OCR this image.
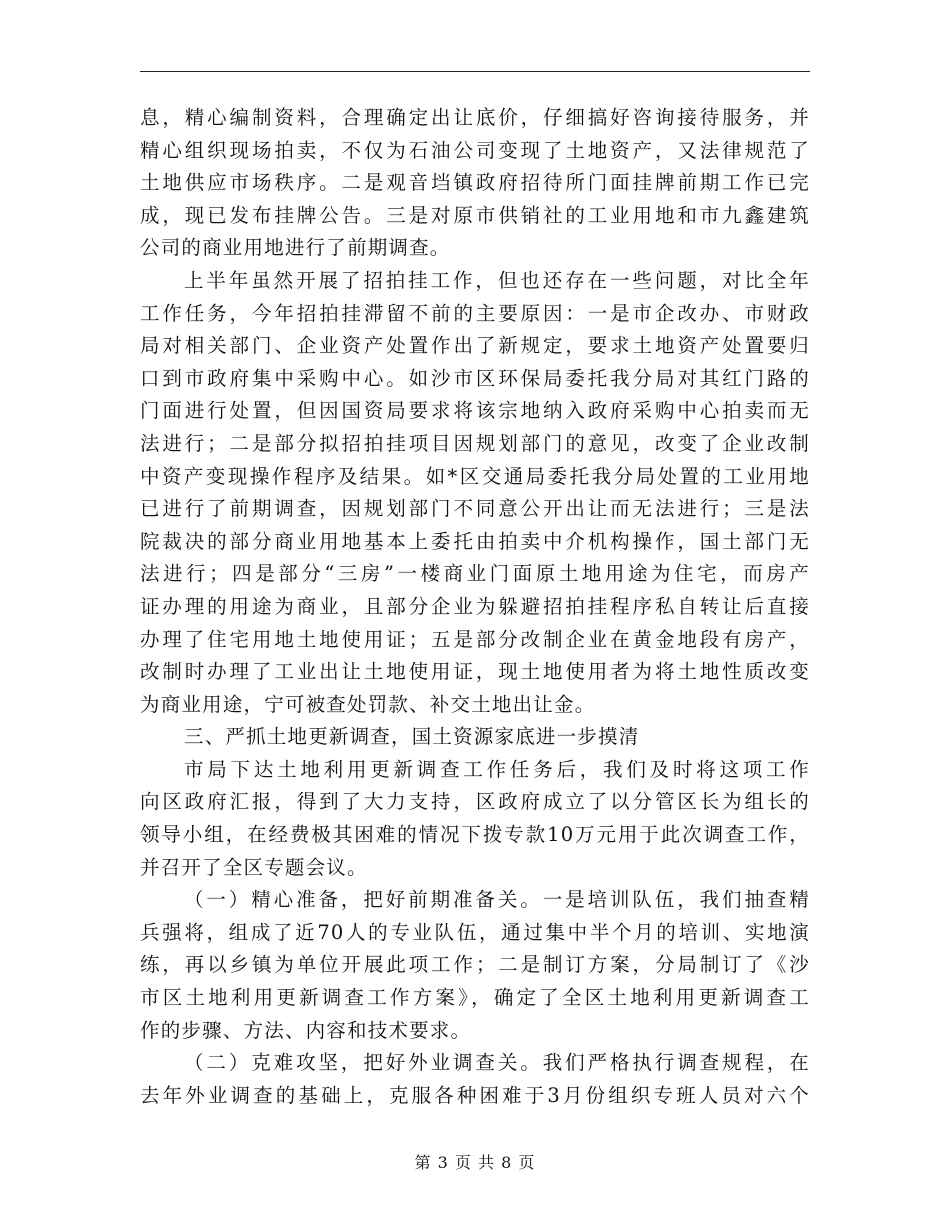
息，精心编制资料，合理确定出让底价，仔细搞好咨询接待服务，并
精心组织现场拍卖，不仅为石油公司变现了土地资产，又法律规范了
土地供应市场秩序。二是观音垱镇政府招待所门面挂牌前期工作已完
成，现已发布挂牌公告。三是对原市供销社的工业用地和市九鑫建筑
公司的商业用地进行了前期调查。
上半年虽然开展了招拍挂工作，但也还存在一些问题，对比全年
工作任务，今年招拍挂滞留不前的主要原因：一是市企改办、市财政
局对相关部门、企业资产处置作出了新规定，要求土地资产处置要归
口到市政府集中采购中心。如沙市区环保局委托我分局对其红门路的
门面进行处置，但因国资局要求将该宗地纳入政府采购中心拍卖而无
法进行；二是部分拟招拍挂项目因规划部门的意见，改变了企业改制
中资产变现操作程序及结果。如*区交通局委托我分局处置的工业用地
已进行了前期调查，因规划部门不同意公开出让而无法进行；三是法
院裁决的部分商业用地基本上委托由拍卖中介机构操作，国土部门无
法进行；四是部分“三房”一楼商业门面原土地用途为住宅，而房产
证办理的用途为商业，且部分企业为躲避招拍挂程序私自转让后直接
办理了住宅用地土地使用证；五是部分改制企业在黄金地段有房产，
改制时办理了工业出让土地使用证，现土地使用者为将土地性质改变
为商业用途，宁可被查处罚款、补交土地出让金。
三、严抓土地更新调查，国土资源家底进一步摸清
市局下达土地利用更新调查工作任务后，我们及时将这项工作
向区政府汇报，得到了大力支持，区政府成立了以分管区长为组长的
领导小组，在经费极其困难的情况下拨专款10万元用于此次调查工作，
并召开了全区专题会议。
（一）精心准备，把好前期准备关。一是培训队伍，我们抽查精
兵强将，组成了近70人的专业队伍，通过集中半个月的培训、实地演
练，再以乡镇为单位开展此项工作；二是制订方案，分局制订了《沙
市区土地利用更新调查工作方案》，确定了全区土地利用更新调查工
作的步骤、方法、内容和技术要求。
（二）克难攻坚，把好外业调查关。我们严格执行调查规程，在
去年外业调查的基础上，克服各种困难于3月份组织专班人员对六个
第 3 页 共 8 页
